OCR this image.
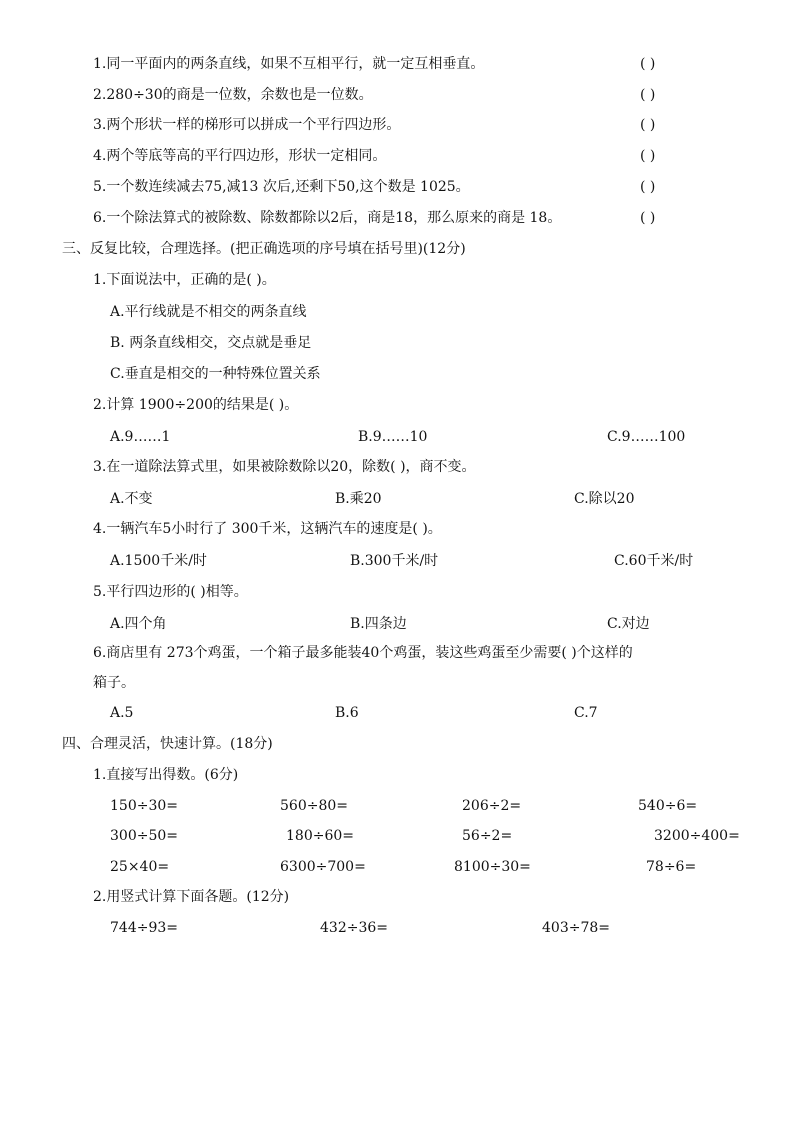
1.同一平面内的两条直线，如果不互相平行，就一定互相垂直。	( )
2.280÷30的商是一位数，余数也是一位数。	( )
3.两个形状一样的梯形可以拼成一个平行四边形。	( )
4.两个等底等高的平行四边形，形状一定相同。	( )
5.一个数连续减去75,减13 次后,还剩下50,这个数是 1025。	( )
6.一个除法算式的被除数、除数都除以2后，商是18，那么原来的商是 18。	( )
三、反复比较，合理选择。(把正确选项的序号填在括号里)(12分)
1.下面说法中，正确的是( )。
A.平行线就是不相交的两条直线
B. 两条直线相交，交点就是垂足
C.垂直是相交的一种特殊位置关系
2.计算 1900÷200的结果是( )。
A.9……1	B.9……10	C.9……100
3.在一道除法算式里，如果被除数除以20，除数( )，商不变。
A.不变	B.乘20	C.除以20
4.一辆汽车5小时行了 300千米，这辆汽车的速度是( )。
A.1500千米/时	B.300千米/时	C.60千米/时
5.平行四边形的( )相等。
A.四个角	B.四条边	C.对边
6.商店里有 273个鸡蛋，一个箱子最多能装40个鸡蛋，装这些鸡蛋至少需要( )个这样的
箱子。
A.5	B.6	C.7
四、合理灵活，快速计算。(18分)
1.直接写出得数。(6分)
150÷30=	560÷80=	206÷2=	540÷6=
300÷50=	180÷60=	56÷2=	3200÷400=
25×40=	6300÷700=	8100÷30=	78÷6=
2.用竖式计算下面各题。(12分)
744÷93=	432÷36=	403÷78=
